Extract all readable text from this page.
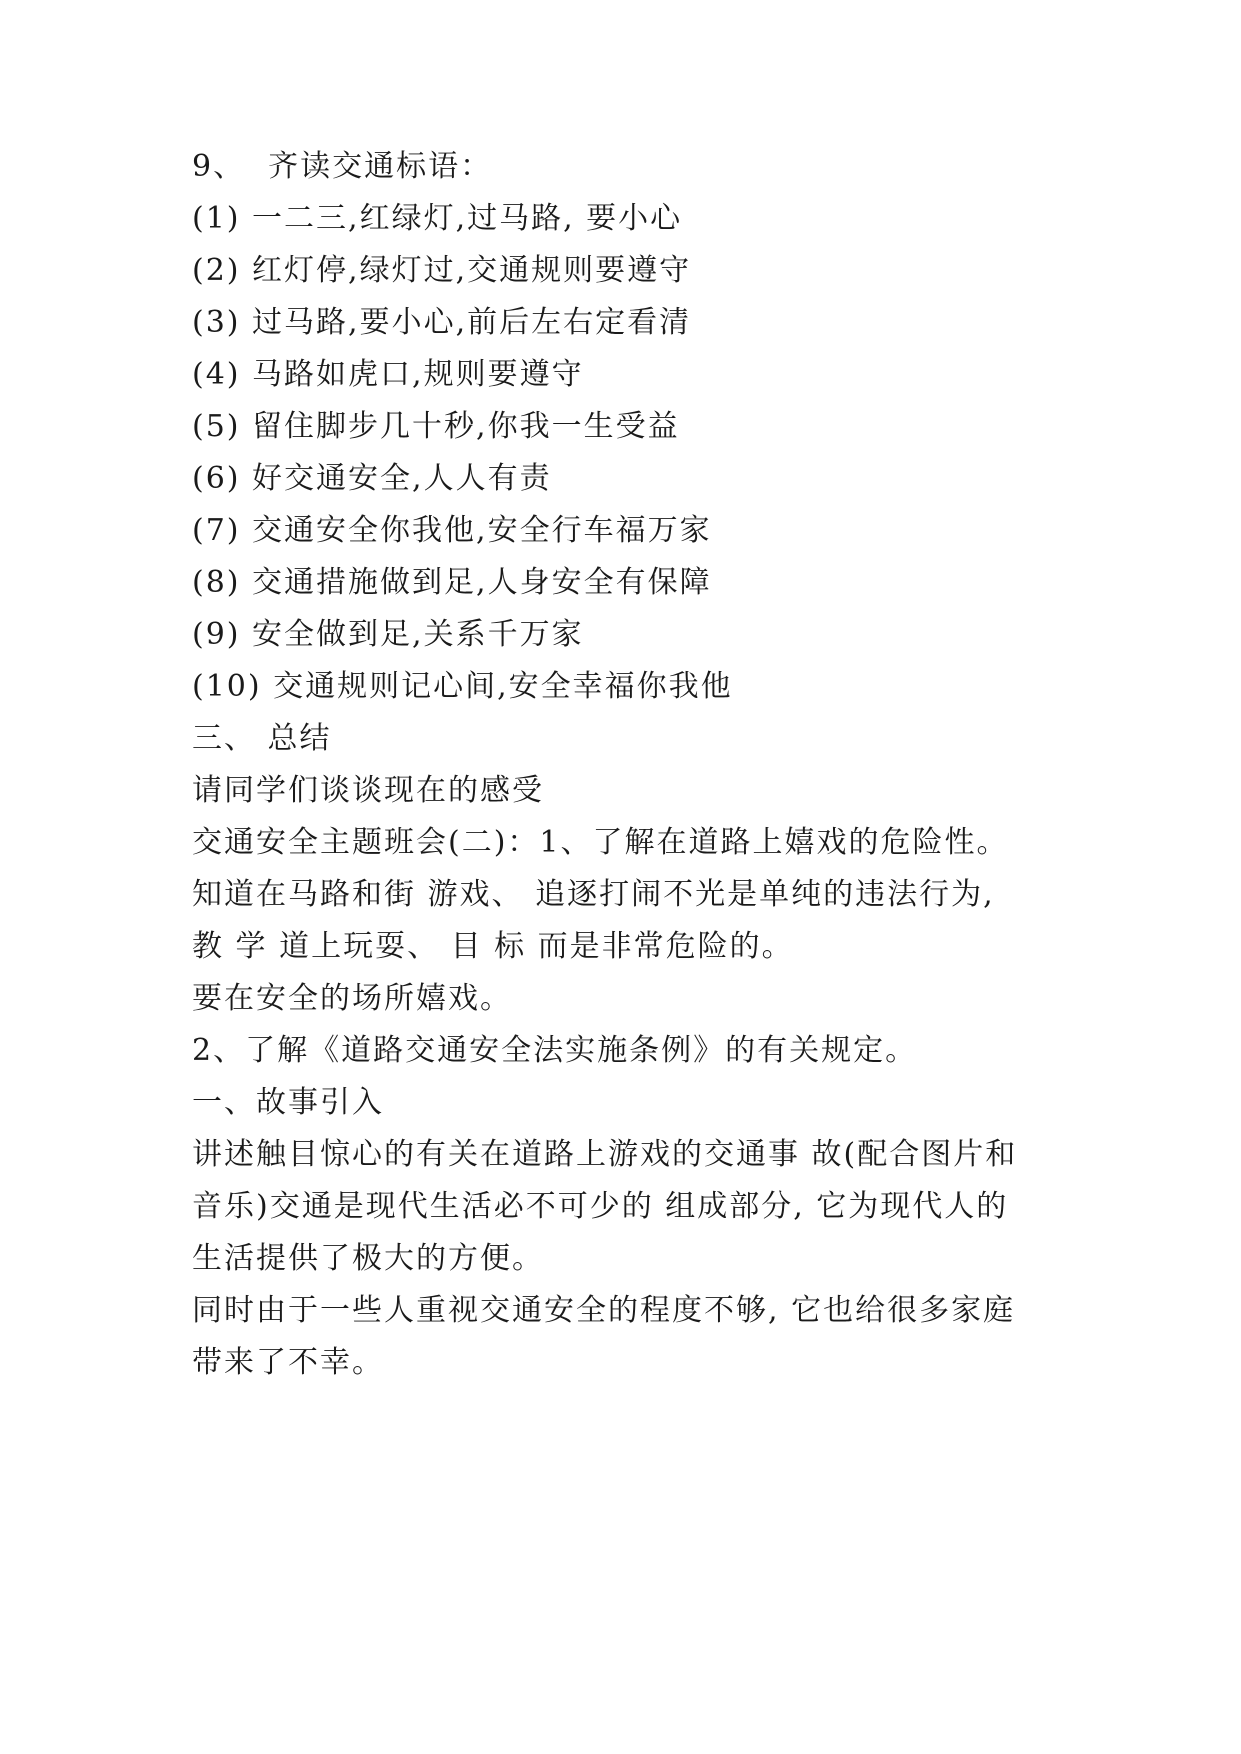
9、  齐读交通标语：

(1) 一二三,红绿灯,过马路, 要小心

(2) 红灯停,绿灯过,交通规则要遵守

(3) 过马路,要小心,前后左右定看清

(4) 马路如虎口,规则要遵守

(5) 留住脚步几十秒,你我一生受益

(6) 好交通安全,人人有责

(7) 交通安全你我他,安全行车福万家

(8) 交通措施做到足,人身安全有保障

(9) 安全做到足,关系千万家

(10) 交通规则记心间,安全幸福你我他

三、 总结

请同学们谈谈现在的感受

交通安全主题班会(二)：1、了解在道路上嬉戏的危险性。

知道在马路和街 游戏、 追逐打闹不光是单纯的违法行为,

教 学 道上玩耍、 目 标 而是非常危险的。

要在安全的场所嬉戏。

2、了解《道路交通安全法实施条例》的有关规定。

一、故事引入

讲述触目惊心的有关在道路上游戏的交通事 故(配合图片和

音乐)交通是现代生活必不可少的 组成部分, 它为现代人的

生活提供了极大的方便。

同时由于一些人重视交通安全的程度不够, 它也给很多家庭

带来了不幸。
